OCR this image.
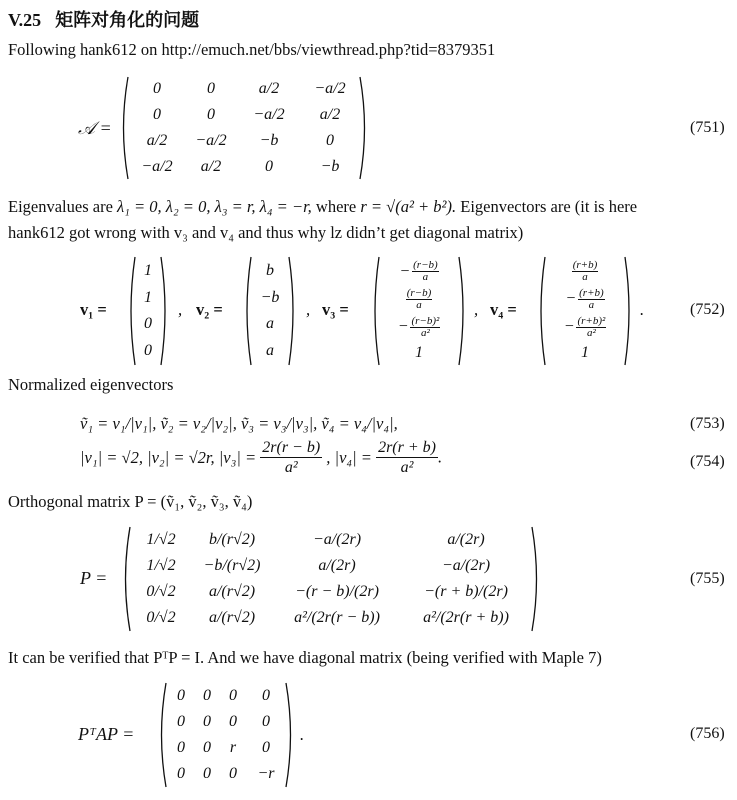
V.25 矩阵对角化的问题
Following hank612 on http://emuch.net/bbs/viewthread.php?tid=8379351
𝒜 =
0	0	a/2 −a/2
0	0 −a/2 a/2
a/2 −a/2 −b	0
−a/2 a/2	0	−b
(751)
Eigenvalues are λ₁ = 0, λ₂ = 0, λ₃ = r, λ₄ = −r, where r = √(a² + b²). Eigenvectors are (it is here
hank612 got wrong with v₃ and v₄ and thus why lz didn’t get diagonal matrix)
v₁ =
1
1
0
0
, v₂ =
b
−b
a
a
, v₃ =
− $\frac{(r-b)}{a}$
$\frac{(r-b)}{a}$
− $\frac{\text{(r−b)²}}{\text{a²}}$
1
, v₄ =
$\frac{(r+b)}{a}$
− $\frac{(r+b)}{a}$
− $\frac{\text{(r+b)²}}{\text{a²}}$
1
.	(752)
Normalized eigenvectors
ṽ₁ = v₁/|v₁|, ṽ₂ = v₂/|v₂|, ṽ₃ = v₃/|v₃|, ṽ₄ = v₄/|v₄|,	(753)
|v₁| = √2, |v₂| = √2r, $|v_3| = \frac{2r(r - b)}{\text{a²}}$ , $|v_4| = \frac{2r(r + b)}{\text{a²}}$ .	(754)
Orthogonal matrix P = (ṽ₁, ṽ₂, ṽ₃, ṽ₄)
P =
1/√2 b/(r√2)	−a/(2r)	a/(2r)
1/√2 −b/(r√2)	a/(2r)	−a/(2r)
0/√2 a/(r√2)	−(r − b)/(2r)	−(r + b)/(2r)
0/√2 a/(r√2) a²/(2r(r − b))	a²/(2r(r + b))
(755)
It can be verified that PᵀP = I. And we have diagonal matrix (being verified with Maple 7)
PᵀAP =
0 0 0 0
0 0 0 0
0 0 r 0
0 0 0 −r
.	(756)
